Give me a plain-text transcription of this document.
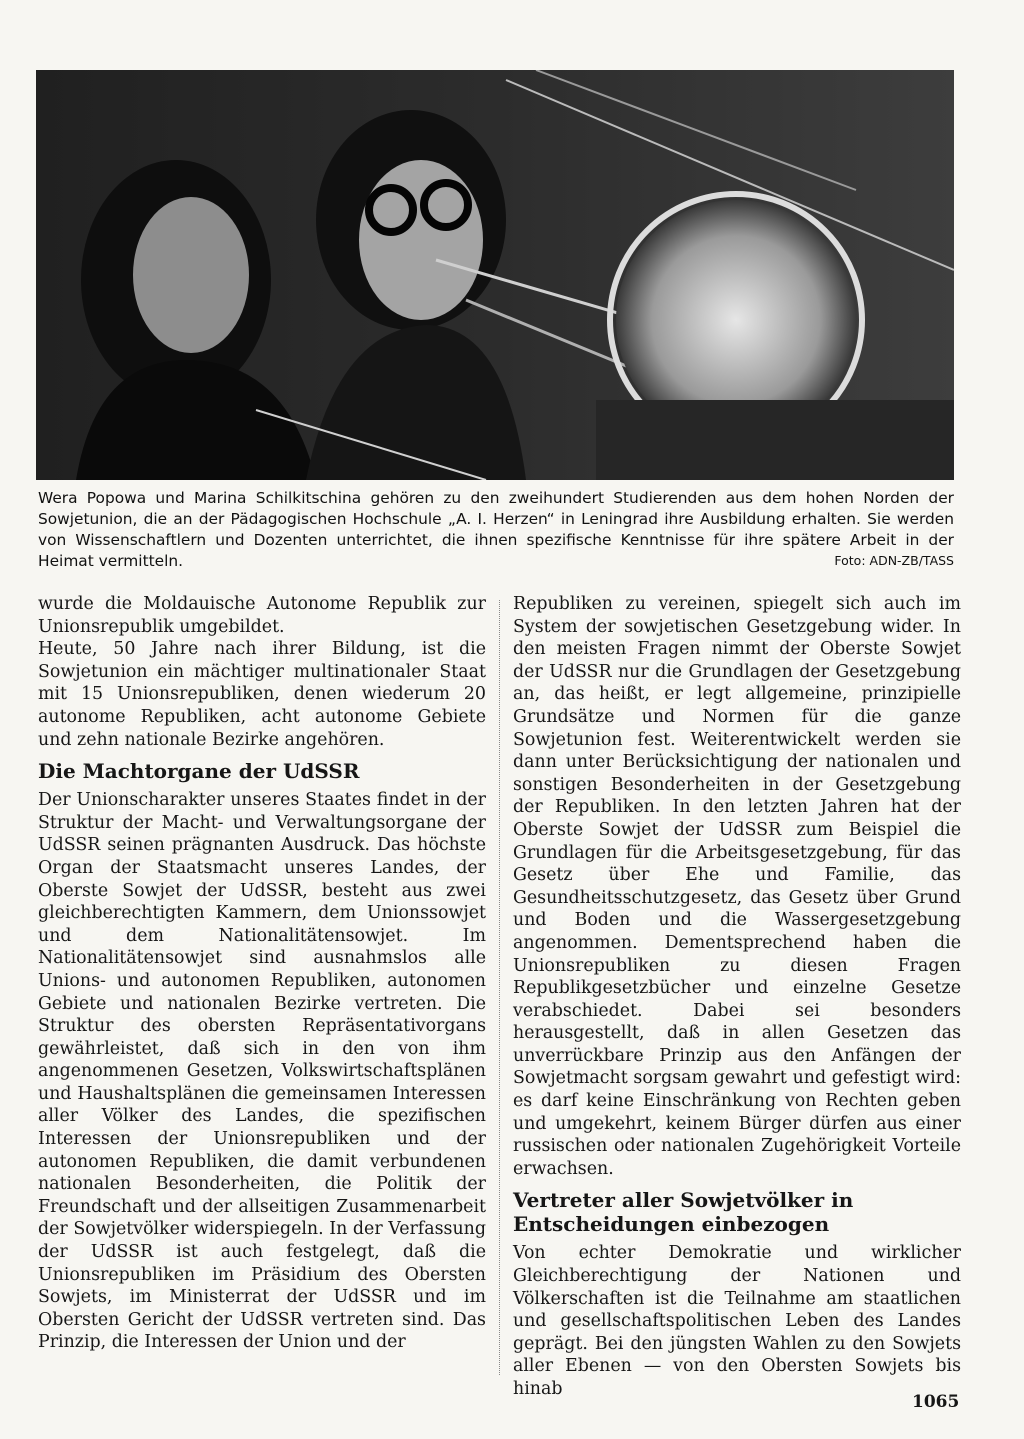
Wera Popowa und Marina Schilkitschina gehören zu den zweihundert Studierenden aus dem hohen Norden der Sowjetunion, die an der Pädagogischen Hochschule „A. I. Herzen“ in Leningrad ihre Ausbildung erhalten. Sie werden von Wissenschaftlern und Dozenten unterrichtet, die ihnen spezifische Kenntnisse für ihre spätere Arbeit in der Heimat vermitteln.	Foto: ADN-ZB/TASS

wurde die Moldauische Autonome Republik zur Unionsrepublik umgebildet.

Heute, 50 Jahre nach ihrer Bildung, ist die Sowjetunion ein mächtiger multinationaler Staat mit 15 Unionsrepubliken, denen wiederum 20 autonome Republiken, acht autonome Gebiete und zehn nationale Bezirke angehören.

Die Machtorgane der UdSSR

Der Unionscharakter unseres Staates findet in der Struktur der Macht- und Verwaltungsorgane der UdSSR seinen prägnanten Ausdruck. Das höchste Organ der Staatsmacht unseres Landes, der Oberste Sowjet der UdSSR, besteht aus zwei gleichberechtigten Kammern, dem Unionssowjet und dem Nationalitätensowjet. Im Nationalitätensowjet sind ausnahmslos alle Unions- und autonomen Republiken, autonomen Gebiete und nationalen Bezirke vertreten. Die Struktur des obersten Repräsentativorgans gewährleistet, daß sich in den von ihm angenommenen Gesetzen, Volkswirtschaftsplänen und Haushaltsplänen die gemeinsamen Interessen aller Völker des Landes, die spezifischen Interessen der Unionsrepubliken und der autonomen Republiken, die damit verbundenen nationalen Besonderheiten, die Politik der Freundschaft und der allseitigen Zusammenarbeit der Sowjetvölker widerspiegeln. In der Verfassung der UdSSR ist auch festgelegt, daß die Unionsrepubliken im Präsidium des Obersten Sowjets, im Ministerrat der UdSSR und im Obersten Gericht der UdSSR vertreten sind. Das Prinzip, die Interessen der Union und der

Republiken zu vereinen, spiegelt sich auch im System der sowjetischen Gesetzgebung wider. In den meisten Fragen nimmt der Oberste Sowjet der UdSSR nur die Grundlagen der Gesetzgebung an, das heißt, er legt allgemeine, prinzipielle Grundsätze und Normen für die ganze Sowjetunion fest. Weiterentwickelt werden sie dann unter Berücksichtigung der nationalen und sonstigen Besonderheiten in der Gesetzgebung der Republiken. In den letzten Jahren hat der Oberste Sowjet der UdSSR zum Beispiel die Grundlagen für die Arbeitsgesetzgebung, für das Gesetz über Ehe und Familie, das Gesundheitsschutzgesetz, das Gesetz über Grund und Boden und die Wassergesetzgebung angenommen. Dementsprechend haben die Unionsrepubliken zu diesen Fragen Republikgesetzbücher und einzelne Gesetze verabschiedet. Dabei sei besonders herausgestellt, daß in allen Gesetzen das unverrückbare Prinzip aus den Anfängen der Sowjetmacht sorgsam gewahrt und gefestigt wird: es darf keine Einschränkung von Rechten geben und umgekehrt, keinem Bürger dürfen aus einer russischen oder nationalen Zugehörigkeit Vorteile erwachsen.

Vertreter aller Sowjetvölker in Entscheidungen einbezogen

Von echter Demokratie und wirklicher Gleichberechtigung der Nationen und Völkerschaften ist die Teilnahme am staatlichen und gesellschaftspolitischen Leben des Landes geprägt. Bei den jüngsten Wahlen zu den Sowjets aller Ebenen — von den Obersten Sowjets bis hinab

1065
